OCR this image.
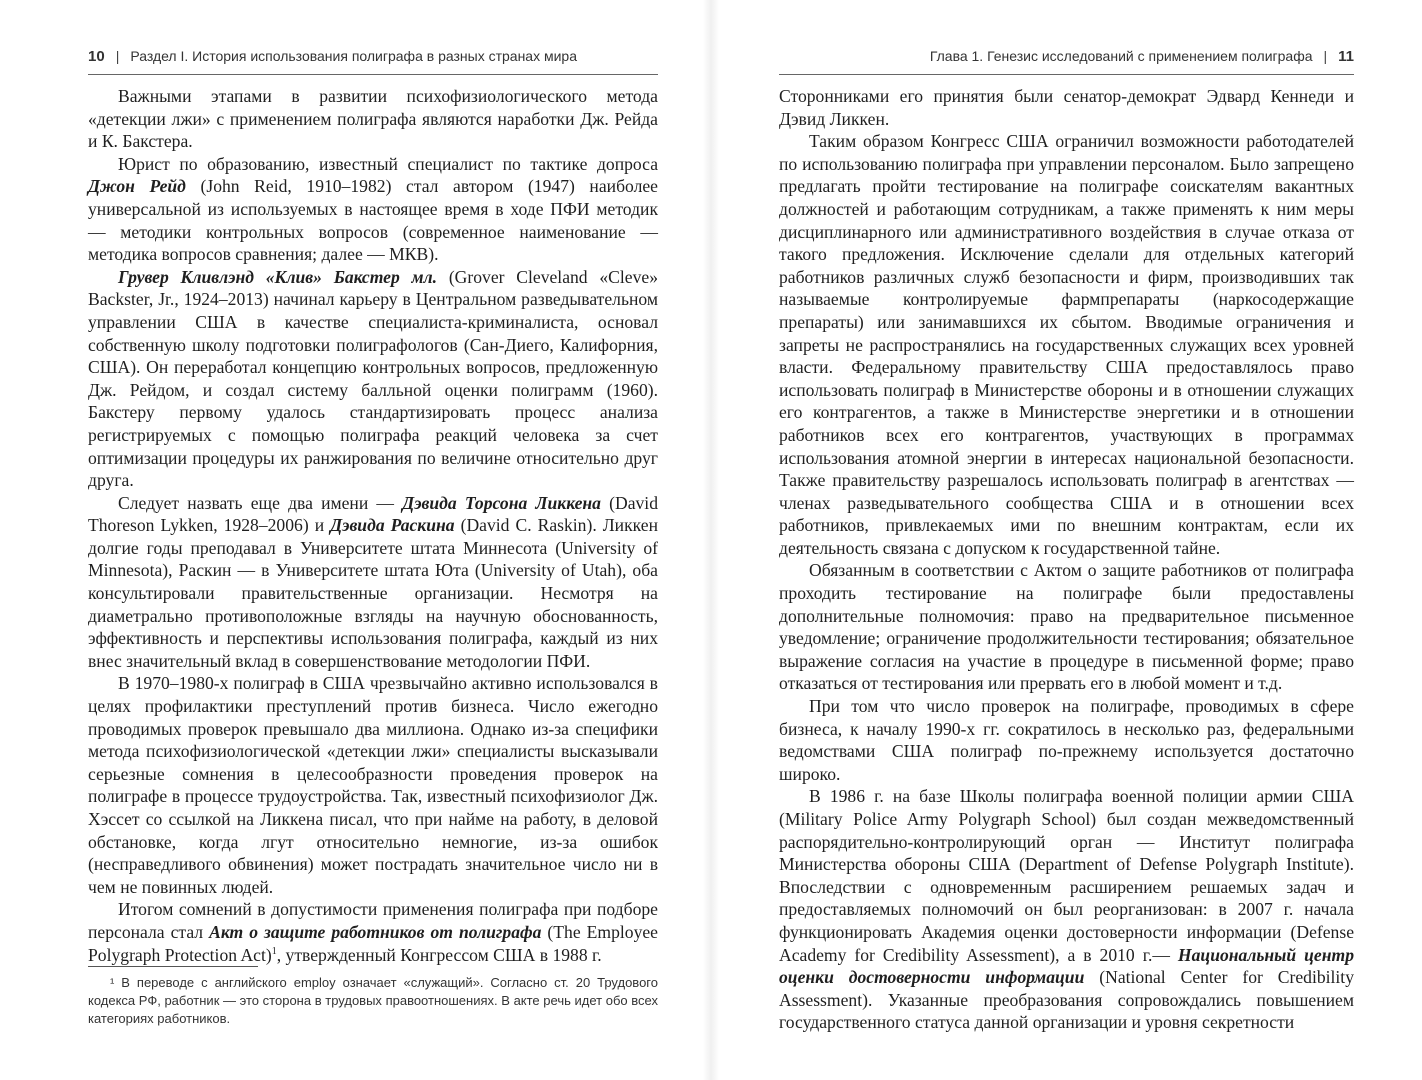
10 | Раздел I. История использования полиграфа в разных странах мира

Важными этапами в развитии психофизиологического метода «детекции лжи» с применением полиграфа являются наработки Дж. Рейда и К. Бакстера.

Юрист по образованию, известный специалист по тактике допроса Джон Рейд (John Reid, 1910–1982) стал автором (1947) наиболее универсальной из используемых в настоящее время в ходе ПФИ методик — методики контрольных вопросов (современное наименование — методика вопросов сравнения; далее — МКВ).

Грувер Кливлэнд «Клив» Бакстер мл. (Grover Cleveland «Cleve» Backster, Jr., 1924–2013) начинал карьеру в Центральном разведывательном управлении США в качестве специалиста-криминалиста, основал собственную школу подготовки полиграфологов (Сан-Диего, Калифорния, США). Он переработал концепцию контрольных вопросов, предложенную Дж. Рейдом, и создал систему балльной оценки полиграмм (1960). Бакстеру первому удалось стандартизировать процесс анализа регистрируемых с помощью полиграфа реакций человека за счет оптимизации процедуры их ранжирования по величине относительно друг друга.

Следует назвать еще два имени — Дэвида Торсона Ликкена (David Thoreson Lykken, 1928–2006) и Дэвида Раскина (David C. Raskin). Ликкен долгие годы преподавал в Университете штата Миннесота (University of Minnesota), Раскин — в Университете штата Юта (University of Utah), оба консультировали правительственные организации. Несмотря на диаметрально противоположные взгляды на научную обоснованность, эффективность и перспективы использования полиграфа, каждый из них внес значительный вклад в совершенствование методологии ПФИ.

В 1970–1980-х полиграф в США чрезвычайно активно использовался в целях профилактики преступлений против бизнеса. Число ежегодно проводимых проверок превышало два миллиона. Однако из-за специфики метода психофизиологической «детекции лжи» специалисты высказывали серьезные сомнения в целесообразности проведения проверок на полиграфе в процессе трудоустройства. Так, известный психофизиолог Дж. Хэссет со ссылкой на Ликкена писал, что при найме на работу, в деловой обстановке, когда лгут относительно немногие, из-за ошибок (несправедливого обвинения) может пострадать значительное число ни в чем не повинных людей.

Итогом сомнений в допустимости применения полиграфа при подборе персонала стал Акт о защите работников от полиграфа (The Employee Polygraph Protection Act)$^1$, утвержденный Конгрессом США в 1988 г.

¹ В переводе с английского employ означает «служащий». Согласно ст. 20 Трудового кодекса РФ, работник — это сторона в трудовых правоотношениях. В акте речь идет обо всех категориях работников.

Глава 1. Генезис исследований с применением полиграфа | 11

Сторонниками его принятия были сенатор-демократ Эдвард Кеннеди и Дэвид Ликкен.

Таким образом Конгресс США ограничил возможности работодателей по использованию полиграфа при управлении персоналом. Было запрещено предлагать пройти тестирование на полиграфе соискателям вакантных должностей и работающим сотрудникам, а также применять к ним меры дисциплинарного или административного воздействия в случае отказа от такого предложения. Исключение сделали для отдельных категорий работников различных служб безопасности и фирм, производивших так называемые контролируемые фармпрепараты (наркосодержащие препараты) или занимавшихся их сбытом. Вводимые ограничения и запреты не распространялись на государственных служащих всех уровней власти. Федеральному правительству США предоставлялось право использовать полиграф в Министерстве обороны и в отношении служащих его контрагентов, а также в Министерстве энергетики и в отношении работников всех его контрагентов, участвующих в программах использования атомной энергии в интересах национальной безопасности. Также правительству разрешалось использовать полиграф в агентствах — членах разведывательного сообщества США и в отношении всех работников, привлекаемых ими по внешним контрактам, если их деятельность связана с допуском к государственной тайне.

Обязанным в соответствии с Актом о защите работников от полиграфа проходить тестирование на полиграфе были предоставлены дополнительные полномочия: право на предварительное письменное уведомление; ограничение продолжительности тестирования; обязательное выражение согласия на участие в процедуре в письменной форме; право отказаться от тестирования или прервать его в любой момент и т.д.

При том что число проверок на полиграфе, проводимых в сфере бизнеса, к началу 1990-х гг. сократилось в несколько раз, федеральными ведомствами США полиграф по-прежнему используется достаточно широко.

В 1986 г. на базе Школы полиграфа военной полиции армии США (Military Police Army Polygraph School) был создан межведомственный распорядительно-контролирующий орган — Институт полиграфа Министерства обороны США (Department of Defense Polygraph Institute). Впоследствии с одновременным расширением решаемых задач и предоставляемых полномочий он был реорганизован: в 2007 г. начала функционировать Академия оценки достоверности информации (Defense Academy for Credibility Assessment), а в 2010 г.— Национальный центр оценки достоверности информации (National Center for Credibility Assessment). Указанные преобразования сопровождались повышением государственного статуса данной организации и уровня секретности
